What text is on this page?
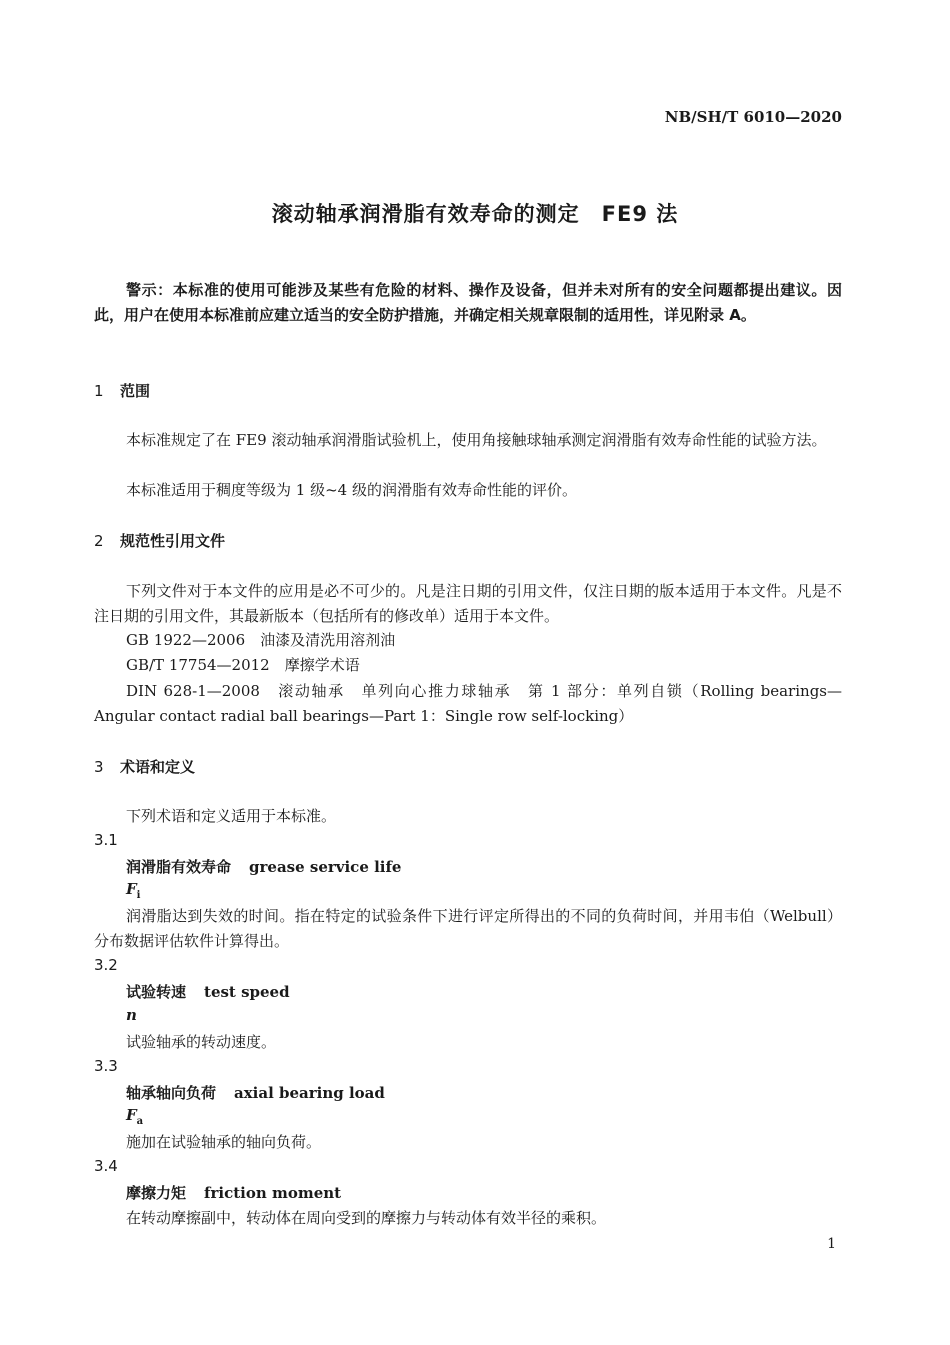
NB/SH/T 6010—2020
滚动轴承润滑脂有效寿命的测定　FE9 法
警示：本标准的使用可能涉及某些有危险的材料、操作及设备，但并未对所有的安全问题都提出建议。因此，用户在使用本标准前应建立适当的安全防护措施，并确定相关规章限制的适用性，详见附录 A。
1 范围
本标准规定了在 FE9 滚动轴承润滑脂试验机上，使用角接触球轴承测定润滑脂有效寿命性能的试验方法。
本标准适用于稠度等级为 1 级~4 级的润滑脂有效寿命性能的评价。
2 规范性引用文件
下列文件对于本文件的应用是必不可少的。凡是注日期的引用文件，仅注日期的版本适用于本文件。凡是不注日期的引用文件，其最新版本（包括所有的修改单）适用于本文件。
GB 1922—2006　油漆及清洗用溶剂油
GB/T 17754—2012　摩擦学术语
DIN 628-1—2008　滚动轴承　单列向心推力球轴承　第 1 部分：单列自锁（Rolling bearings—Angular contact radial ball bearings—Part 1：Single row self-locking）
3 术语和定义
下列术语和定义适用于本标准。
3.1
润滑脂有效寿命 grease service life
$F_i$
润滑脂达到失效的时间。指在特定的试验条件下进行评定所得出的不同的负荷时间，并用韦伯（Welbull）分布数据评估软件计算得出。
3.2
试验转速 test speed
n
试验轴承的转动速度。
3.3
轴承轴向负荷 axial bearing load
$F_a$
施加在试验轴承的轴向负荷。
3.4
摩擦力矩 friction moment
在转动摩擦副中，转动体在周向受到的摩擦力与转动体有效半径的乘积。
1
